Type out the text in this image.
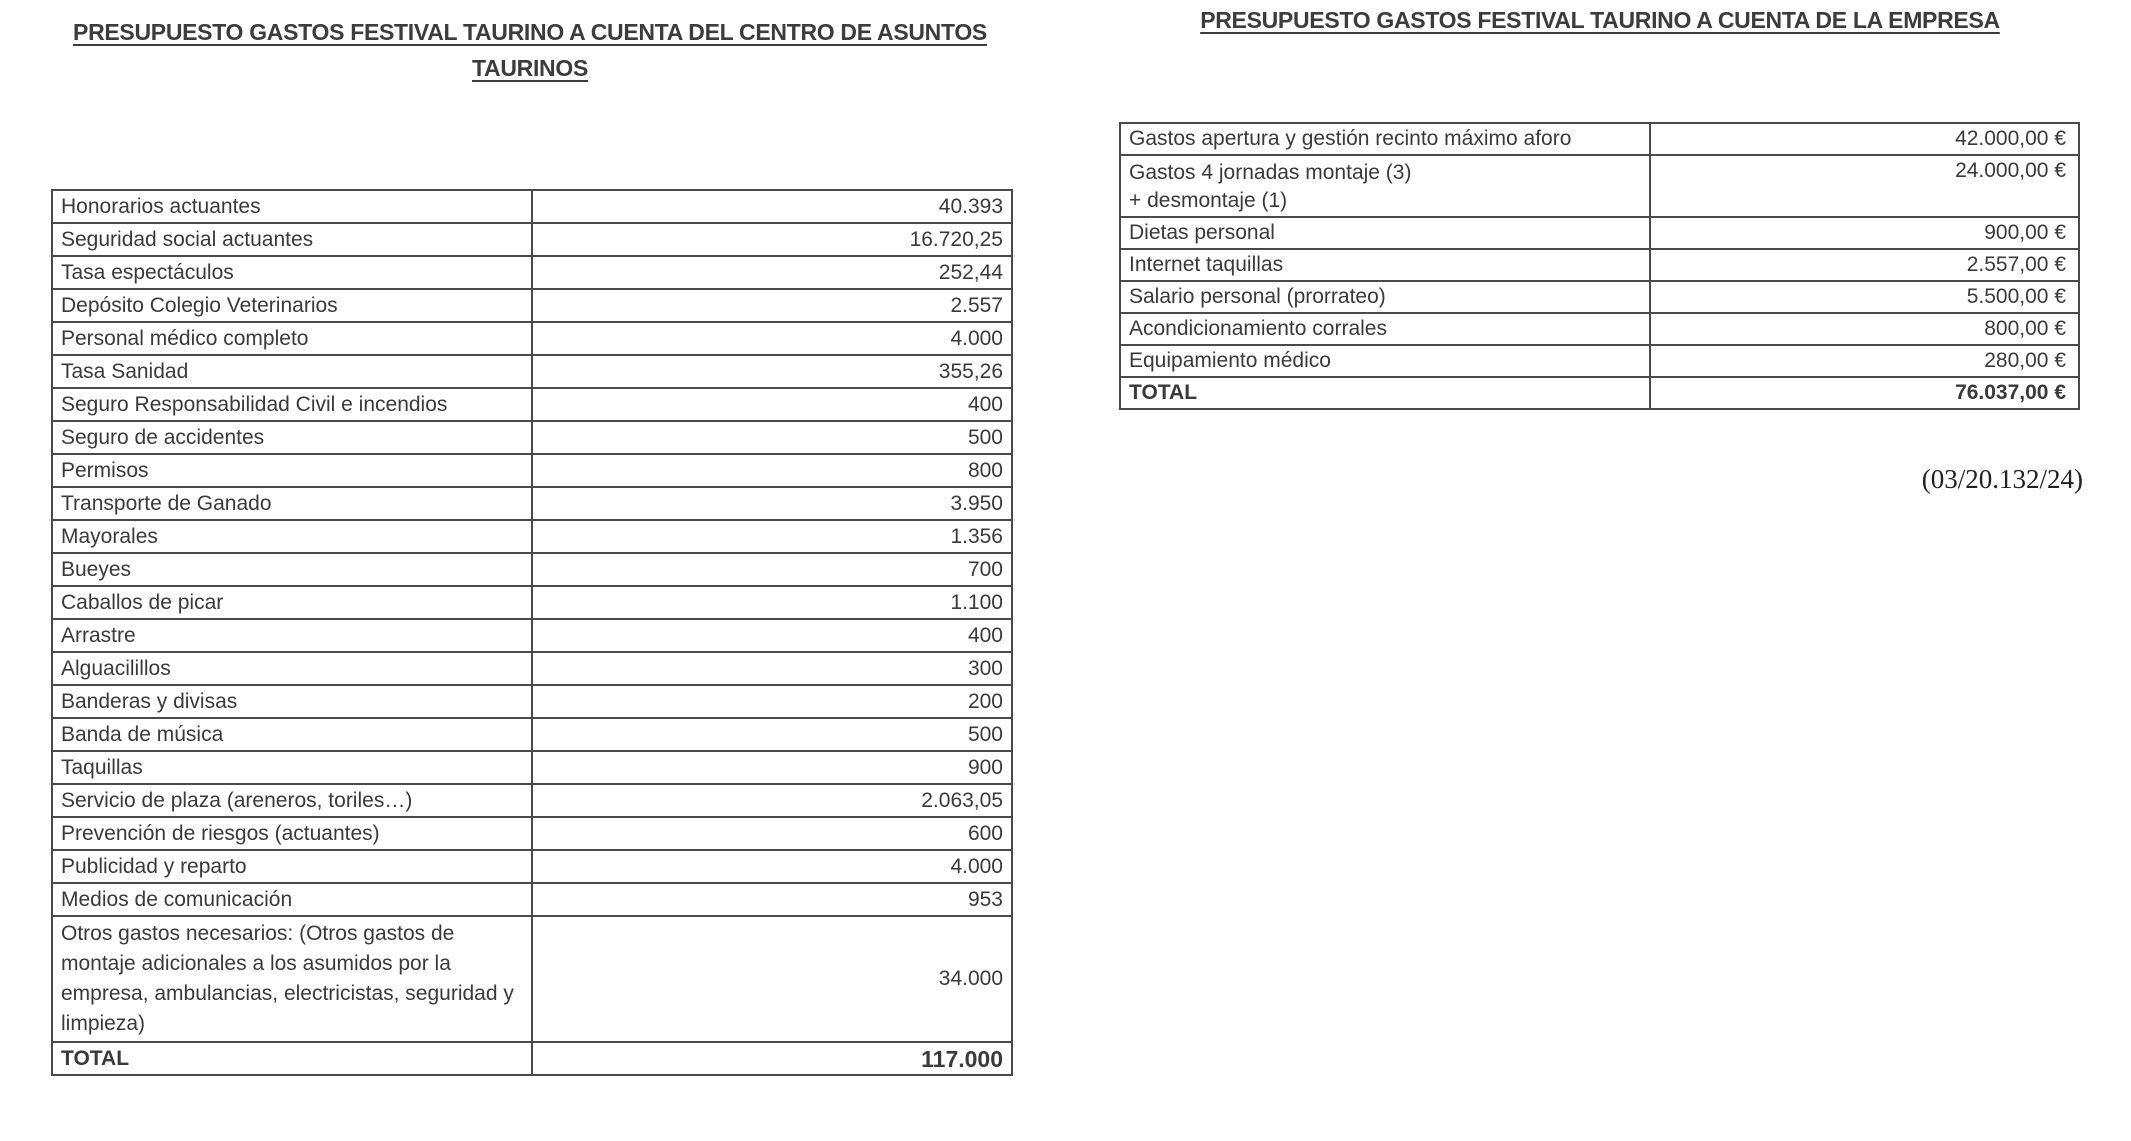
PRESUPUESTO GASTOS FESTIVAL TAURINO A CUENTA DEL CENTRO DE ASUNTOS TAURINOS
Honorarios actuantes	40.393
Seguridad social actuantes	16.720,25
Tasa espectáculos	252,44
Depósito Colegio Veterinarios	2.557
Personal médico completo	4.000
Tasa Sanidad	355,26
Seguro Responsabilidad Civil e incendios	400
Seguro de accidentes	500
Permisos	800
Transporte de Ganado	3.950
Mayorales	1.356
Bueyes	700
Caballos de picar	1.100
Arrastre	400
Alguacilillos	300
Banderas y divisas	200
Banda de música	500
Taquillas	900
Servicio de plaza (areneros, toriles…)	2.063,05
Prevención de riesgos (actuantes)	600
Publicidad y reparto	4.000
Medios de comunicación	953
Otros gastos necesarios: (Otros gastos de montaje adicionales a los asumidos por la empresa, ambulancias, electricistas, seguridad y limpieza)	34.000
TOTAL	117.000
PRESUPUESTO GASTOS FESTIVAL TAURINO A CUENTA DE LA EMPRESA
Gastos apertura y gestión recinto máximo aforo	42.000,00 €

Gastos 4 jornadas montaje (3)
+ desmontaje (1)	24.000,00 €
Dietas personal	900,00 €
Internet taquillas	2.557,00 €
Salario personal (prorrateo)	5.500,00 €
Acondicionamiento corrales	800,00 €
Equipamiento médico	280,00 €
TOTAL	76.037,00 €
(03/20.132/24)
